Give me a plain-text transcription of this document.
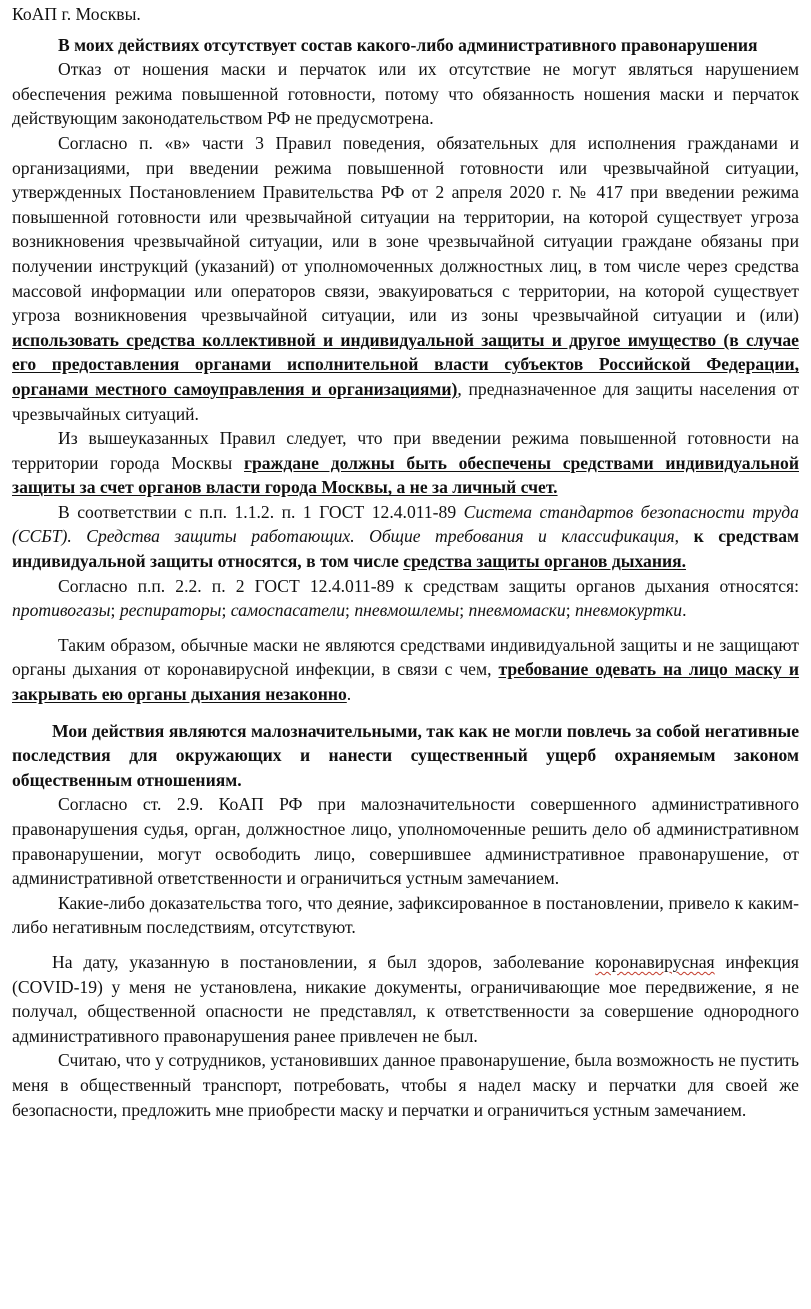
КоАП г. Москвы.

В моих действиях отсутствует состав какого-либо административного правонарушения

Отказ от ношения маски и перчаток или их отсутствие не могут являться нарушением обеспечения режима повышенной готовности, потому что обязанность ношения маски и перчаток действующим законодательством РФ не предусмотрена.

Согласно п. «в» части 3 Правил поведения, обязательных для исполнения гражданами и организациями, при введении режима повышенной готовности или чрезвычайной ситуации, утвержденных Постановлением Правительства РФ от 2 апреля 2020 г. № 417 при введении режима повышенной готовности или чрезвычайной ситуации на территории, на которой существует угроза возникновения чрезвычайной ситуации, или в зоне чрезвычайной ситуации граждане обязаны при получении инструкций (указаний) от уполномоченных должностных лиц, в том числе через средства массовой информации или операторов связи, эвакуироваться с территории, на которой существует угроза возникновения чрезвычайной ситуации, или из зоны чрезвычайной ситуации и (или) использовать средства коллективной и индивидуальной защиты и другое имущество (в случае его предоставления органами исполнительной власти субъектов Российской Федерации, органами местного самоуправления и организациями), предназначенное для защиты населения от чрезвычайных ситуаций.

Из вышеуказанных Правил следует, что при введении режима повышенной готовности на территории города Москвы граждане должны быть обеспечены средствами индивидуальной защиты за счет органов власти города Москвы, а не за личный счет.

В соответствии с п.п. 1.1.2. п. 1 ГОСТ 12.4.011-89 Система стандартов безопасности труда (ССБТ). Средства защиты работающих. Общие требования и классификация, к средствам индивидуальной защиты относятся, в том числе средства защиты органов дыхания.

Согласно п.п. 2.2. п. 2 ГОСТ 12.4.011-89 к средствам защиты органов дыхания относятся: противогазы; респираторы; самоспасатели; пневмошлемы; пневмомаски; пневмокуртки.

Таким образом, обычные маски не являются средствами индивидуальной защиты и не защищают органы дыхания от коронавирусной инфекции, в связи с чем, требование одевать на лицо маску и закрывать ею органы дыхания незаконно.

Мои действия являются малозначительными, так как не могли повлечь за собой негативные последствия для окружающих и нанести существенный ущерб охраняемым законом общественным отношениям.

Согласно ст. 2.9. КоАП РФ при малозначительности совершенного административного правонарушения судья, орган, должностное лицо, уполномоченные решить дело об административном правонарушении, могут освободить лицо, совершившее административное правонарушение, от административной ответственности и ограничиться устным замечанием.

Какие-либо доказательства того, что деяние, зафиксированное в постановлении, привело к каким-либо негативным последствиям, отсутствуют.

На дату, указанную в постановлении, я был здоров, заболевание коронавирусная инфекция (COVID-19) у меня не установлена, никакие документы, ограничивающие мое передвижение, я не получал, общественной опасности не представлял, к ответственности за совершение однородного административного правонарушения ранее привлечен не был.

Считаю, что у сотрудников, установивших данное правонарушение, была возможность не пустить меня в общественный транспорт, потребовать, чтобы я надел маску и перчатки для своей же безопасности, предложить мне приобрести маску и перчатки и ограничиться устным замечанием.
